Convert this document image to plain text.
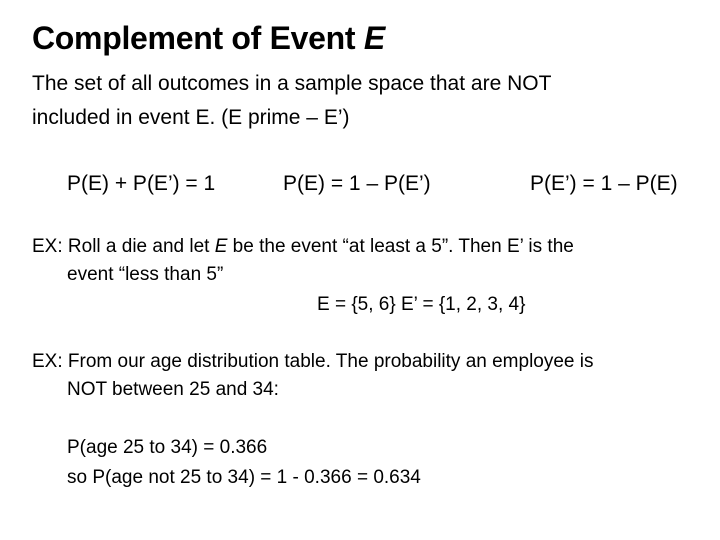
Complement of Event E
The set of all outcomes in a sample space that are NOT
included in event E. (E prime – E’)
P(E) + P(E’) = 1	P(E) = 1 – P(E’)	P(E’) = 1 – P(E)
EX: Roll a die and let E be the event “at least a 5”. Then E’ is the
event “less than 5”
E = {5, 6} E’ = {1, 2, 3, 4}
EX: From our age distribution table. The probability an employee is
NOT between 25 and 34:
P(age 25 to 34) = 0.366
so P(age not 25 to 34) = 1 - 0.366 = 0.634
